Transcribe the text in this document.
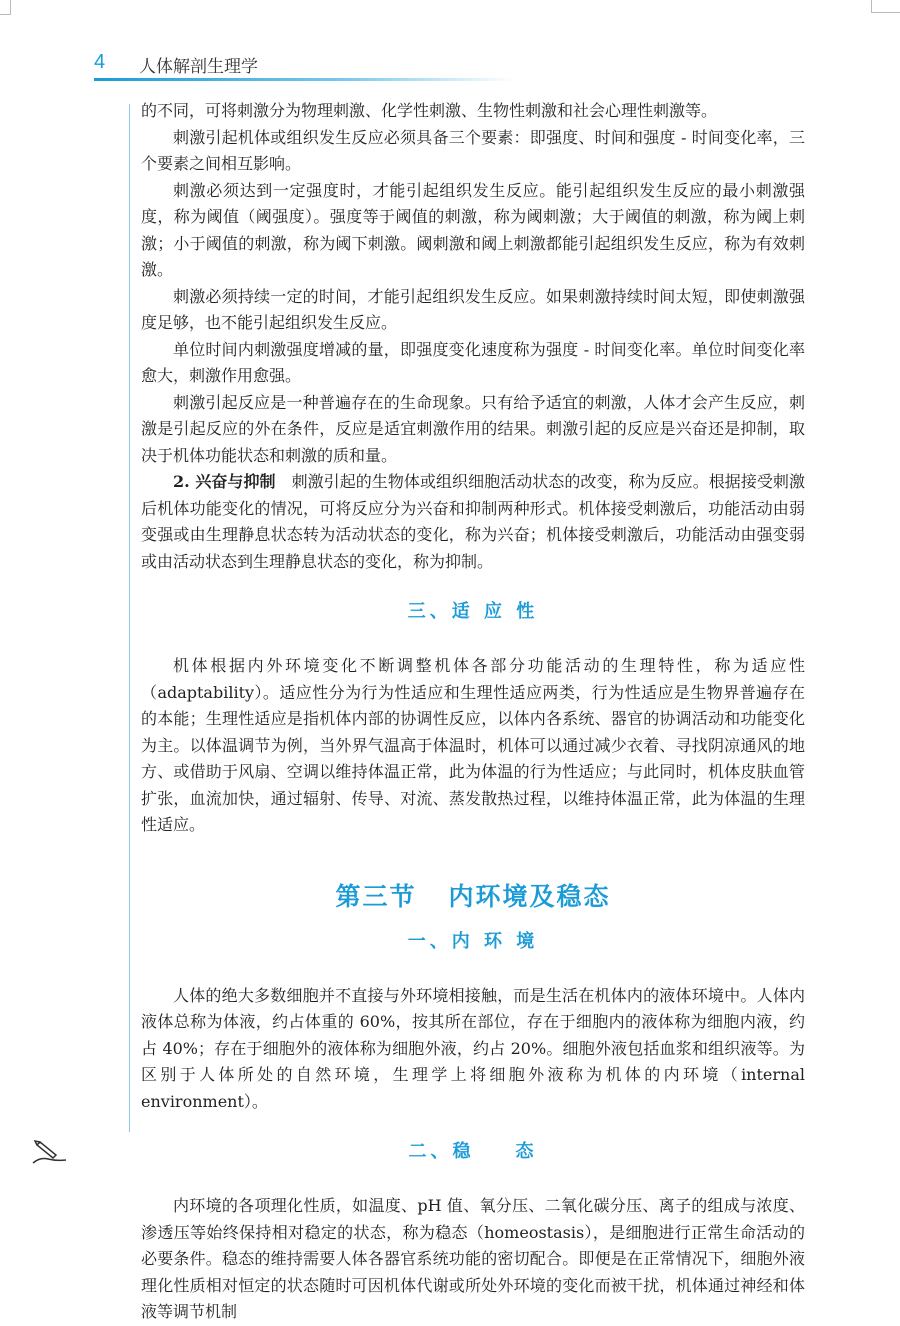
4 人体解剖生理学

的不同，可将刺激分为物理刺激、化学性刺激、生物性刺激和社会心理性刺激等。

刺激引起机体或组织发生反应必须具备三个要素：即强度、时间和强度 - 时间变化率，三个要素之间相互影响。

刺激必须达到一定强度时，才能引起组织发生反应。能引起组织发生反应的最小刺激强度，称为阈值（阈强度）。强度等于阈值的刺激，称为阈刺激；大于阈值的刺激，称为阈上刺激；小于阈值的刺激，称为阈下刺激。阈刺激和阈上刺激都能引起组织发生反应，称为有效刺激。

刺激必须持续一定的时间，才能引起组织发生反应。如果刺激持续时间太短，即使刺激强度足够，也不能引起组织发生反应。

单位时间内刺激强度增减的量，即强度变化速度称为强度 - 时间变化率。单位时间变化率愈大，刺激作用愈强。

刺激引起反应是一种普遍存在的生命现象。只有给予适宜的刺激，人体才会产生反应，刺激是引起反应的外在条件，反应是适宜刺激作用的结果。刺激引起的反应是兴奋还是抑制，取决于机体功能状态和刺激的质和量。

2. 兴奋与抑制　 刺激引起的生物体或组织细胞活动状态的改变，称为反应。根据接受刺激后机体功能变化的情况，可将反应分为兴奋和抑制两种形式。机体接受刺激后，功能活动由弱变强或由生理静息状态转为活动状态的变化，称为兴奋；机体接受刺激后，功能活动由强变弱或由活动状态到生理静息状态的变化，称为抑制。

三、适 应 性

机体根据内外环境变化不断调整机体各部分功能活动的生理特性，称为适应性（adaptability）。适应性分为行为性适应和生理性适应两类，行为性适应是生物界普遍存在的本能；生理性适应是指机体内部的协调性反应，以体内各系统、器官的协调活动和功能变化为主。以体温调节为例，当外界气温高于体温时，机体可以通过减少衣着、寻找阴凉通风的地方、或借助于风扇、空调以维持体温正常，此为体温的行为性适应；与此同时，机体皮肤血管扩张，血流加快，通过辐射、传导、对流、蒸发散热过程，以维持体温正常，此为体温的生理性适应。

第三节   内环境及稳态
一、内 环 境

人体的绝大多数细胞并不直接与外环境相接触，而是生活在机体内的液体环境中。人体内液体总称为体液，约占体重的 60%，按其所在部位，存在于细胞内的液体称为细胞内液，约占 40%；存在于细胞外的液体称为细胞外液，约占 20%。细胞外液包括血浆和组织液等。为区别于人体所处的自然环境，生理学上将细胞外液称为机体的内环境（internal environment）。

二、稳    态

内环境的各项理化性质，如温度、pH 值、氧分压、二氧化碳分压、离子的组成与浓度、渗透压等始终保持相对稳定的状态，称为稳态（homeostasis），是细胞进行正常生命活动的必要条件。稳态的维持需要人体各器官系统功能的密切配合。即便是在正常情况下，细胞外液理化性质相对恒定的状态随时可因机体代谢或所处外环境的变化而被干扰，机体通过神经和体液等调节机制
